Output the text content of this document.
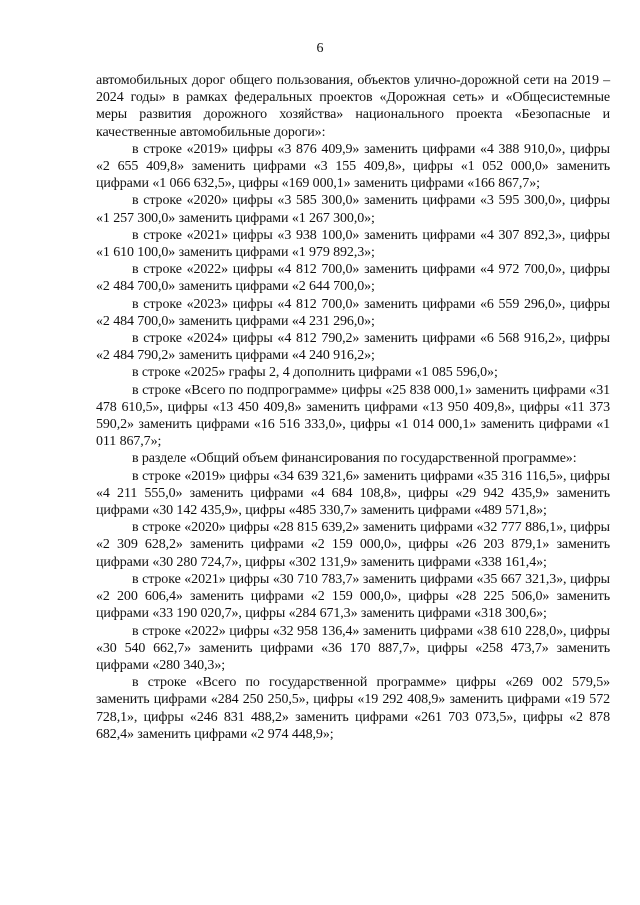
6

автомобильных дорог общего пользования, объектов улично-дорожной сети на 2019 – 2024 годы» в рамках федеральных проектов «Дорожная сеть» и «Общесистемные меры развития дорожного хозяйства» национального проекта «Безопасные и качественные автомобильные дороги»:

в строке «2019» цифры «3 876 409,9» заменить цифрами «4 388 910,0», цифры «2 655 409,8» заменить цифрами «3 155 409,8», цифры «1 052 000,0» заменить цифрами «1 066 632,5», цифры «169 000,1» заменить цифрами «166 867,7»;

в строке «2020» цифры «3 585 300,0» заменить цифрами «3 595 300,0», цифры «1 257 300,0» заменить цифрами «1 267 300,0»;

в строке «2021» цифры «3 938 100,0» заменить цифрами «4 307 892,3», цифры «1 610 100,0» заменить цифрами «1 979 892,3»;

в строке «2022» цифры «4 812 700,0» заменить цифрами «4 972 700,0», цифры «2 484 700,0» заменить цифрами «2 644 700,0»;

в строке «2023» цифры «4 812 700,0» заменить цифрами «6 559 296,0», цифры «2 484 700,0» заменить цифрами «4 231 296,0»;

в строке «2024» цифры «4 812 790,2» заменить цифрами «6 568 916,2», цифры «2 484 790,2» заменить цифрами «4 240 916,2»;

в строке «2025» графы 2, 4 дополнить цифрами «1 085 596,0»;

в строке «Всего по подпрограмме» цифры «25 838 000,1» заменить цифрами «31 478 610,5», цифры «13 450 409,8» заменить цифрами «13 950 409,8», цифры «11 373 590,2» заменить цифрами «16 516 333,0», цифры «1 014 000,1» заменить цифрами «1 011 867,7»;

в разделе «Общий объем финансирования по государственной программе»:

в строке «2019» цифры «34 639 321,6» заменить цифрами «35 316 116,5», цифры «4 211 555,0» заменить цифрами «4 684 108,8», цифры «29 942 435,9» заменить цифрами «30 142 435,9», цифры «485 330,7» заменить цифрами «489 571,8»;

в строке «2020» цифры «28 815 639,2» заменить цифрами «32 777 886,1», цифры «2 309 628,2» заменить цифрами «2 159 000,0», цифры «26 203 879,1» заменить цифрами «30 280 724,7», цифры «302 131,9» заменить цифрами «338 161,4»;

в строке «2021» цифры «30 710 783,7» заменить цифрами «35 667 321,3», цифры «2 200 606,4» заменить цифрами «2 159 000,0», цифры «28 225 506,0» заменить цифрами «33 190 020,7», цифры «284 671,3» заменить цифрами «318 300,6»;

в строке «2022» цифры «32 958 136,4» заменить цифрами «38 610 228,0», цифры «30 540 662,7» заменить цифрами «36 170 887,7», цифры «258 473,7» заменить цифрами «280 340,3»;

в строке «Всего по государственной программе» цифры «269 002 579,5» заменить цифрами «284 250 250,5», цифры «19 292 408,9» заменить цифрами «19 572 728,1», цифры «246 831 488,2» заменить цифрами «261 703 073,5», цифры «2 878 682,4» заменить цифрами «2 974 448,9»;
